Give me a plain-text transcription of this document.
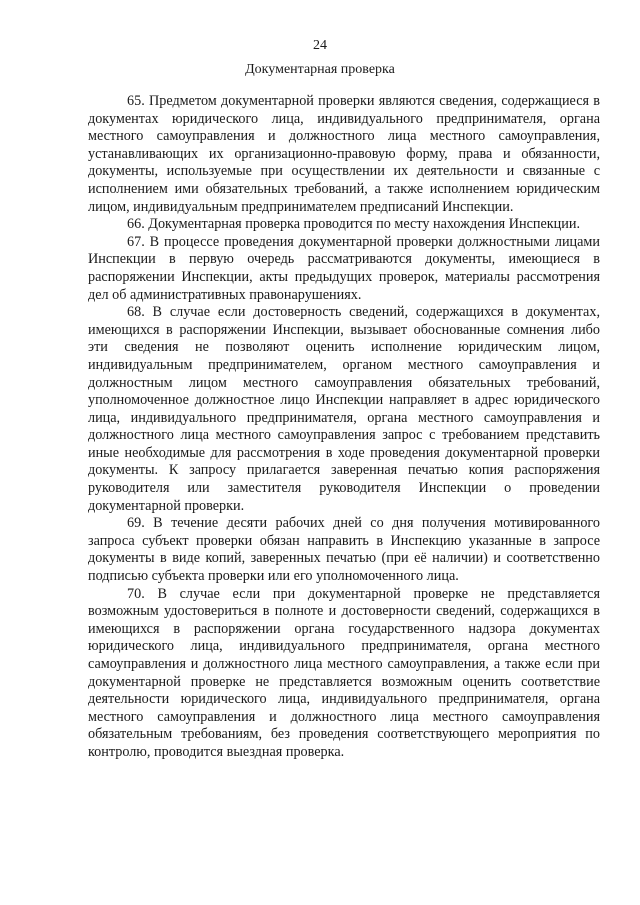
24
Документарная проверка

65. Предметом документарной проверки являются сведения, содержащиеся в документах юридического лица, индивидуального предпринимателя, органа местного самоуправления и должностного лица местного самоуправления, устанавливающих их организационно-правовую форму, права и обязанности, документы, используемые при осуществлении их деятельности и связанные с исполнением ими обязательных требований, а также исполнением юридическим лицом, индивидуальным предпринимателем предписаний Инспекции.

66. Документарная проверка проводится по месту нахождения Инспекции.

67. В процессе проведения документарной проверки должностными лицами Инспекции в первую очередь рассматриваются документы, имеющиеся в распоряжении Инспекции, акты предыдущих проверок, материалы рассмотрения дел об административных правонарушениях.

68. В случае если достоверность сведений, содержащихся в документах, имеющихся в распоряжении Инспекции, вызывает обоснованные сомнения либо эти сведения не позволяют оценить исполнение юридическим лицом, индивидуальным предпринимателем, органом местного самоуправления и должностным лицом местного самоуправления обязательных требований, уполномоченное должностное лицо Инспекции направляет в адрес юридического лица, индивидуального предпринимателя, органа местного самоуправления и должностного лица местного самоуправления запрос с требованием представить иные необходимые для рассмотрения в ходе проведения документарной проверки документы. К запросу прилагается заверенная печатью копия распоряжения руководителя или заместителя руководителя Инспекции о проведении документарной проверки.

69. В течение десяти рабочих дней со дня получения мотивированного запроса субъект проверки обязан направить в Инспекцию указанные в запросе документы в виде копий, заверенных печатью (при её наличии) и соответственно подписью субъекта проверки или его уполномоченного лица.

70. В случае если при документарной проверке не представляется возможным удостовериться в полноте и достоверности сведений, содержащихся в имеющихся в распоряжении органа государственного надзора документах юридического лица, индивидуального предпринимателя, органа местного самоуправления и должностного лица местного самоуправления, а также если при документарной проверке не представляется возможным оценить соответствие деятельности юридического лица, индивидуального предпринимателя, органа местного самоуправления и должностного лица местного самоуправления обязательным требованиям, без проведения соответствующего мероприятия по контролю, проводится выездная проверка.
